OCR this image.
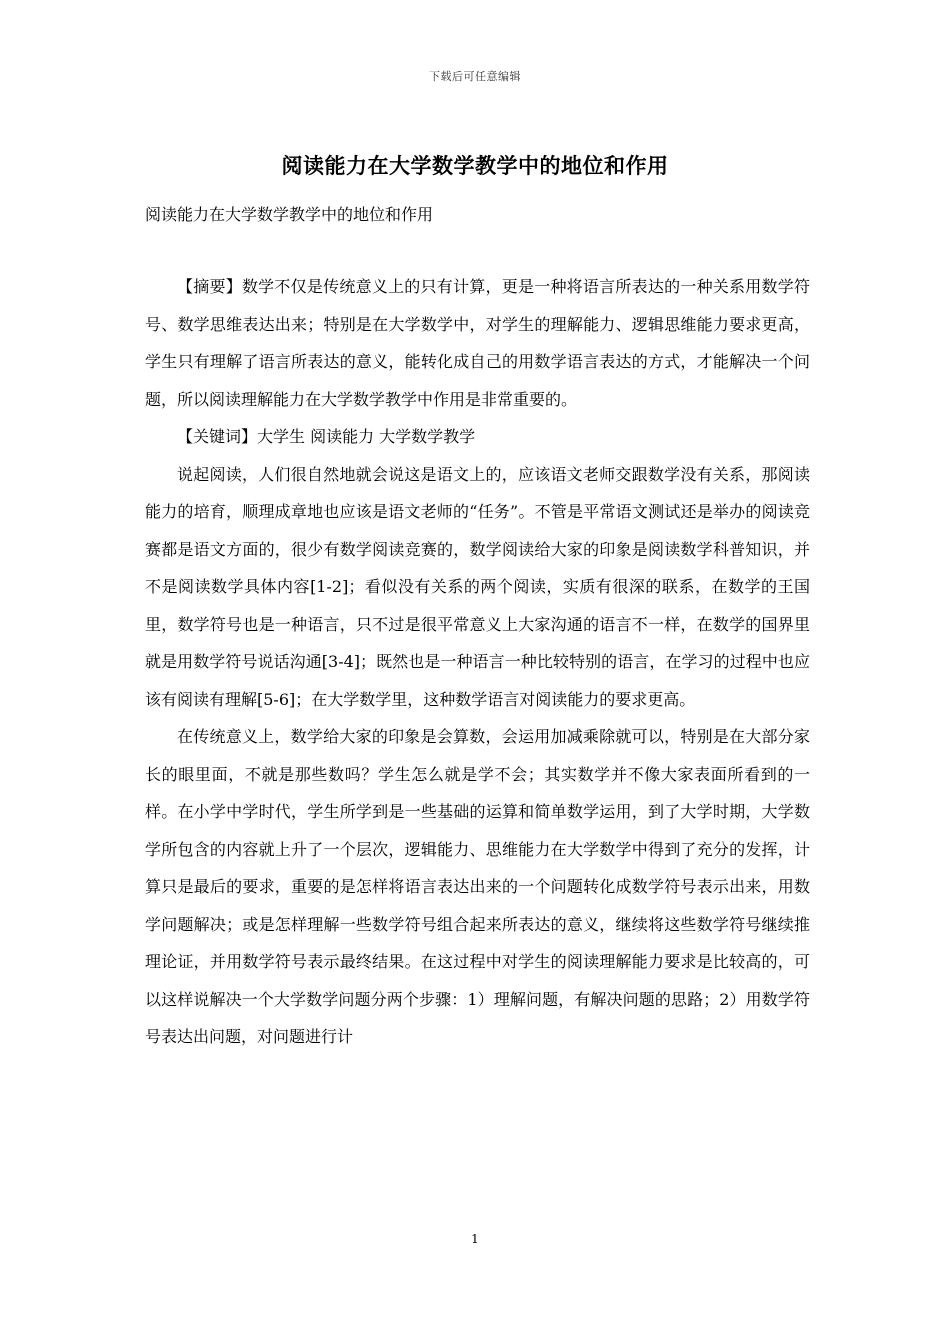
下载后可任意编辑
阅读能力在大学数学教学中的地位和作用
阅读能力在大学数学教学中的地位和作用

【摘要】数学不仅是传统意义上的只有计算，更是一种将语言所表达的一种关系用数学符号、数学思维表达出来；特别是在大学数学中，对学生的理解能力、逻辑思维能力要求更高，学生只有理解了语言所表达的意义，能转化成自己的用数学语言表达的方式，才能解决一个问题，所以阅读理解能力在大学数学教学中作用是非常重要的。

【关键词】大学生 阅读能力 大学数学教学

说起阅读，人们很自然地就会说这是语文上的，应该语文老师交跟数学没有关系，那阅读能力的培育，顺理成章地也应该是语文老师的“任务”。不管是平常语文测试还是举办的阅读竞赛都是语文方面的，很少有数学阅读竞赛的，数学阅读给大家的印象是阅读数学科普知识，并不是阅读数学具体内容[1-2]；看似没有关系的两个阅读，实质有很深的联系，在数学的王国里，数学符号也是一种语言，只不过是很平常意义上大家沟通的语言不一样，在数学的国界里就是用数学符号说话沟通[3-4]；既然也是一种语言一种比较特别的语言，在学习的过程中也应该有阅读有理解[5-6]；在大学数学里，这种数学语言对阅读能力的要求更高。

在传统意义上，数学给大家的印象是会算数，会运用加减乘除就可以，特别是在大部分家长的眼里面，不就是那些数吗？学生怎么就是学不会；其实数学并不像大家表面所看到的一样。在小学中学时代，学生所学到是一些基础的运算和简单数学运用，到了大学时期，大学数学所包含的内容就上升了一个层次，逻辑能力、思维能力在大学数学中得到了充分的发挥，计算只是最后的要求，重要的是怎样将语言表达出来的一个问题转化成数学符号表示出来，用数学问题解决；或是怎样理解一些数学符号组合起来所表达的意义，继续将这些数学符号继续推理论证，并用数学符号表示最终结果。在这过程中对学生的阅读理解能力要求是比较高的，可以这样说解决一个大学数学问题分两个步骤：1）理解问题，有解决问题的思路；2）用数学符号表达出问题，对问题进行计

1
